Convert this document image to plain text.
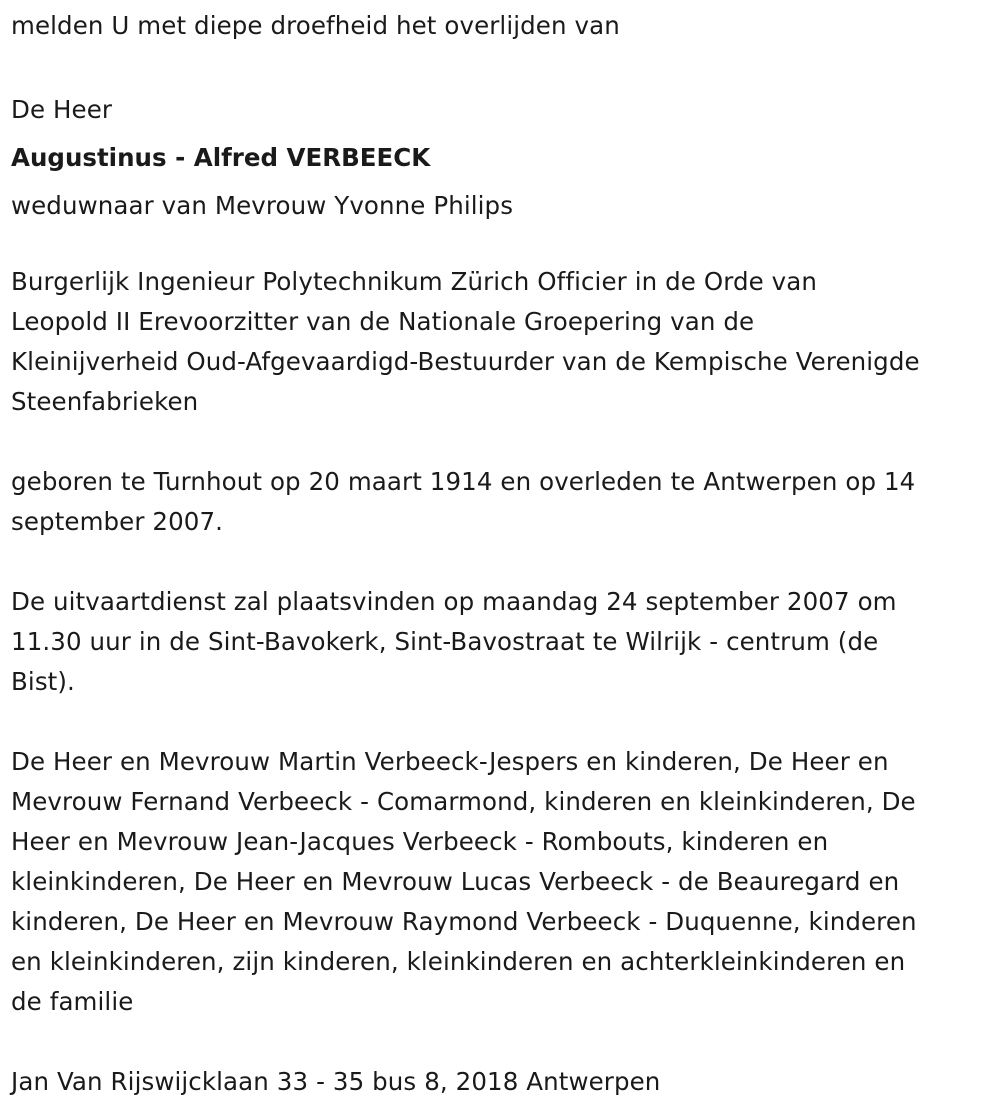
melden U met diepe droefheid het overlijden van

De Heer

Augustinus - Alfred VERBEECK

weduwnaar van Mevrouw Yvonne Philips

Burgerlijk Ingenieur Polytechnikum Zürich Officier in de Orde van

Leopold II Erevoorzitter van de Nationale Groepering van de

Kleinijverheid Oud-Afgevaardigd-Bestuurder van de Kempische Verenigde

Steenfabrieken

geboren te Turnhout op 20 maart 1914 en overleden te Antwerpen op 14

september 2007.

De uitvaartdienst zal plaatsvinden op maandag 24 september 2007 om

11.30 uur in de Sint-Bavokerk, Sint-Bavostraat te Wilrijk - centrum (de

Bist).

De Heer en Mevrouw Martin Verbeeck-Jespers en kinderen, De Heer en

Mevrouw Fernand Verbeeck - Comarmond, kinderen en kleinkinderen, De

Heer en Mevrouw Jean-Jacques Verbeeck - Rombouts, kinderen en

kleinkinderen, De Heer en Mevrouw Lucas Verbeeck - de Beauregard en

kinderen, De Heer en Mevrouw Raymond Verbeeck - Duquenne, kinderen

en kleinkinderen, zijn kinderen, kleinkinderen en achterkleinkinderen en

de familie

Jan Van Rijswijcklaan 33 - 35 bus 8, 2018 Antwerpen
